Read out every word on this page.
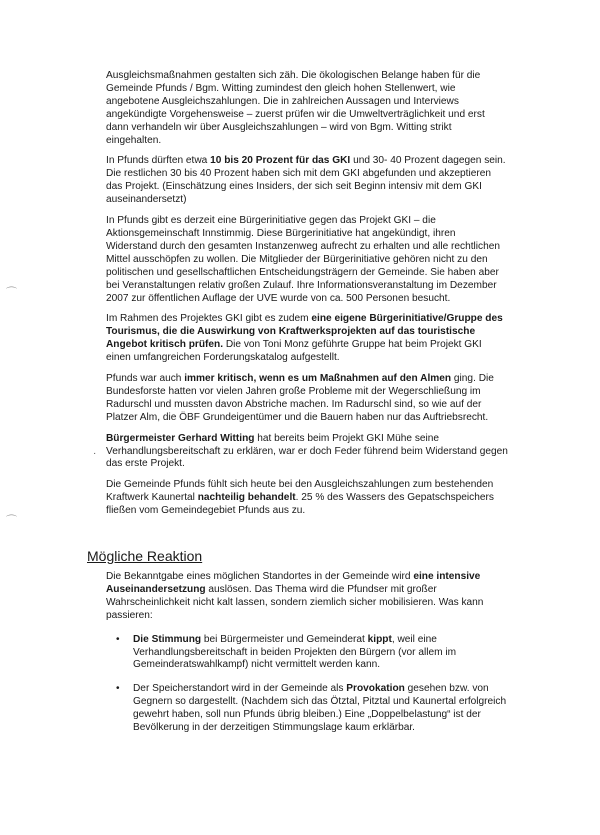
⌒
⌒
·

Ausgleichsmaßnahmen gestalten sich zäh. Die ökologischen Belange haben für die Gemeinde Pfunds / Bgm. Witting zumindest den gleich hohen Stellenwert, wie angebotene Ausgleichszahlungen. Die in zahlreichen Aussagen und Interviews angekündigte Vorgehensweise – zuerst prüfen wir die Umweltverträglichkeit und erst dann verhandeln wir über Ausgleichszahlungen – wird von Bgm. Witting strikt eingehalten.

In Pfunds dürften etwa 10 bis 20 Prozent für das GKI und 30- 40 Prozent dagegen sein. Die restlichen 30 bis 40 Prozent haben sich mit dem GKI abgefunden und akzeptieren das Projekt. (Einschätzung eines Insiders, der sich seit Beginn intensiv mit dem GKI auseinandersetzt)

In Pfunds gibt es derzeit eine Bürgerinitiative gegen das Projekt GKI – die Aktionsgemeinschaft Innstimmig. Diese Bürgerinitiative hat angekündigt, ihren Widerstand durch den gesamten Instanzenweg aufrecht zu erhalten und alle rechtlichen Mittel ausschöpfen zu wollen. Die Mitglieder der Bürgerinitiative gehören nicht zu den politischen und gesellschaftlichen Entscheidungsträgern der Gemeinde. Sie haben aber bei Veranstaltungen relativ großen Zulauf. Ihre Informationsveranstaltung im Dezember 2007 zur öffentlichen Auflage der UVE wurde von ca. 500 Personen besucht.

Im Rahmen des Projektes GKI gibt es zudem eine eigene Bürgerinitiative/Gruppe des Tourismus, die die Auswirkung von Kraftwerksprojekten auf das touristische Angebot kritisch prüfen. Die von Toni Monz geführte Gruppe hat beim Projekt GKI einen umfangreichen Forderungskatalog aufgestellt.

Pfunds war auch immer kritisch, wenn es um Maßnahmen auf den Almen ging. Die Bundesforste hatten vor vielen Jahren große Probleme mit der Wegerschließung im Radurschl und mussten davon Abstriche machen. Im Radurschl sind, so wie auf der Platzer Alm, die ÖBF Grundeigentümer und die Bauern haben nur das Auftriebsrecht.

Bürgermeister Gerhard Witting hat bereits beim Projekt GKI Mühe seine Verhandlungsbereitschaft zu erklären, war er doch Feder führend beim Widerstand gegen das erste Projekt.

Die Gemeinde Pfunds fühlt sich heute bei den Ausgleichszahlungen zum bestehenden Kraftwerk Kaunertal nachteilig behandelt. 25 % des Wassers des Gepatschspeichers fließen vom Gemeindegebiet Pfunds aus zu.

Mögliche Reaktion

Die Bekanntgabe eines möglichen Standortes in der Gemeinde wird eine intensive Auseinandersetzung auslösen. Das Thema wird die Pfundser mit großer Wahrscheinlichkeit nicht kalt lassen, sondern ziemlich sicher mobilisieren. Was kann passieren:

• Die Stimmung bei Bürgermeister und Gemeinderat kippt, weil eine Verhandlungsbereitschaft in beiden Projekten den Bürgern (vor allem im Gemeinderatswahlkampf) nicht vermittelt werden kann.
• Der Speicherstandort wird in der Gemeinde als Provokation gesehen bzw. von Gegnern so dargestellt. (Nachdem sich das Ötztal, Pitztal und Kaunertal erfolgreich gewehrt haben, soll nun Pfunds übrig bleiben.) Eine „Doppelbelastung“ ist der Bevölkerung in der derzeitigen Stimmungslage kaum erklärbar.
